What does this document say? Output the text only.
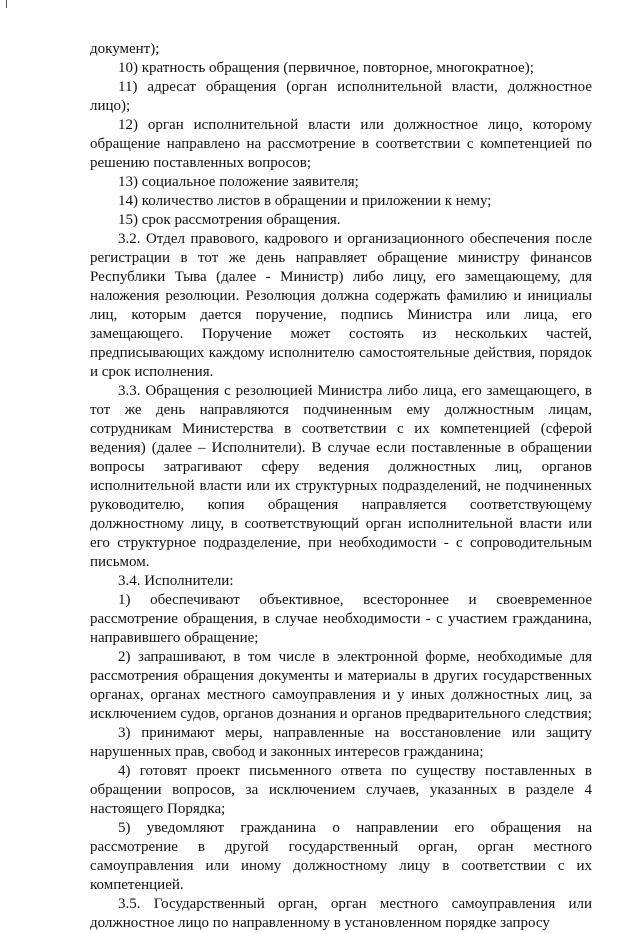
документ);

10) кратность обращения (первичное, повторное, многократное);

11) адресат обращения (орган исполнительной власти, должностное лицо);

12) орган исполнительной власти или должностное лицо, которому обращение направлено на рассмотрение в соответствии с компетенцией по решению поставленных вопросов;

13) социальное положение заявителя;

14) количество листов в обращении и приложении к нему;

15) срок рассмотрения обращения.

3.2. Отдел правового, кадрового и организационного обеспечения после регистрации в тот же день направляет обращение министру финансов Республики Тыва (далее - Министр) либо лицу, его замещающему, для наложения резолюции. Резолюция должна содержать фамилию и инициалы лиц, которым дается поручение, подпись Министра или лица, его замещающего. Поручение может состоять из нескольких частей, предписывающих каждому исполнителю самостоятельные действия, порядок и срок исполнения.

3.3. Обращения с резолюцией Министра либо лица, его замещающего, в тот же день направляются подчиненным ему должностным лицам, сотрудникам Министерства в соответствии с их компетенцией (сферой ведения) (далее – Исполнители). В случае если поставленные в обращении вопросы затрагивают сферу ведения должностных лиц, органов исполнительной власти или их структурных подразделений, не подчиненных руководителю, копия обращения направляется соответствующему должностному лицу, в соответствующий орган исполнительной власти или его структурное подразделение, при необходимости - с сопроводительным письмом.

3.4. Исполнители:

1) обеспечивают объективное, всестороннее и своевременное рассмотрение обращения, в случае необходимости - с участием гражданина, направившего обращение;

2) запрашивают, в том числе в электронной форме, необходимые для рассмотрения обращения документы и материалы в других государственных органах, органах местного самоуправления и у иных должностных лиц, за исключением судов, органов дознания и органов предварительного следствия;

3) принимают меры, направленные на восстановление или защиту нарушенных прав, свобод и законных интересов гражданина;

4) готовят проект письменного ответа по существу поставленных в обращении вопросов, за исключением случаев, указанных в разделе 4 настоящего Порядка;

5) уведомляют гражданина о направлении его обращения на рассмотрение в другой государственный орган, орган местного самоуправления или иному должностному лицу в соответствии с их компетенцией.

3.5. Государственный орган, орган местного самоуправления или должностное лицо по направленному в установленном порядке запросу
